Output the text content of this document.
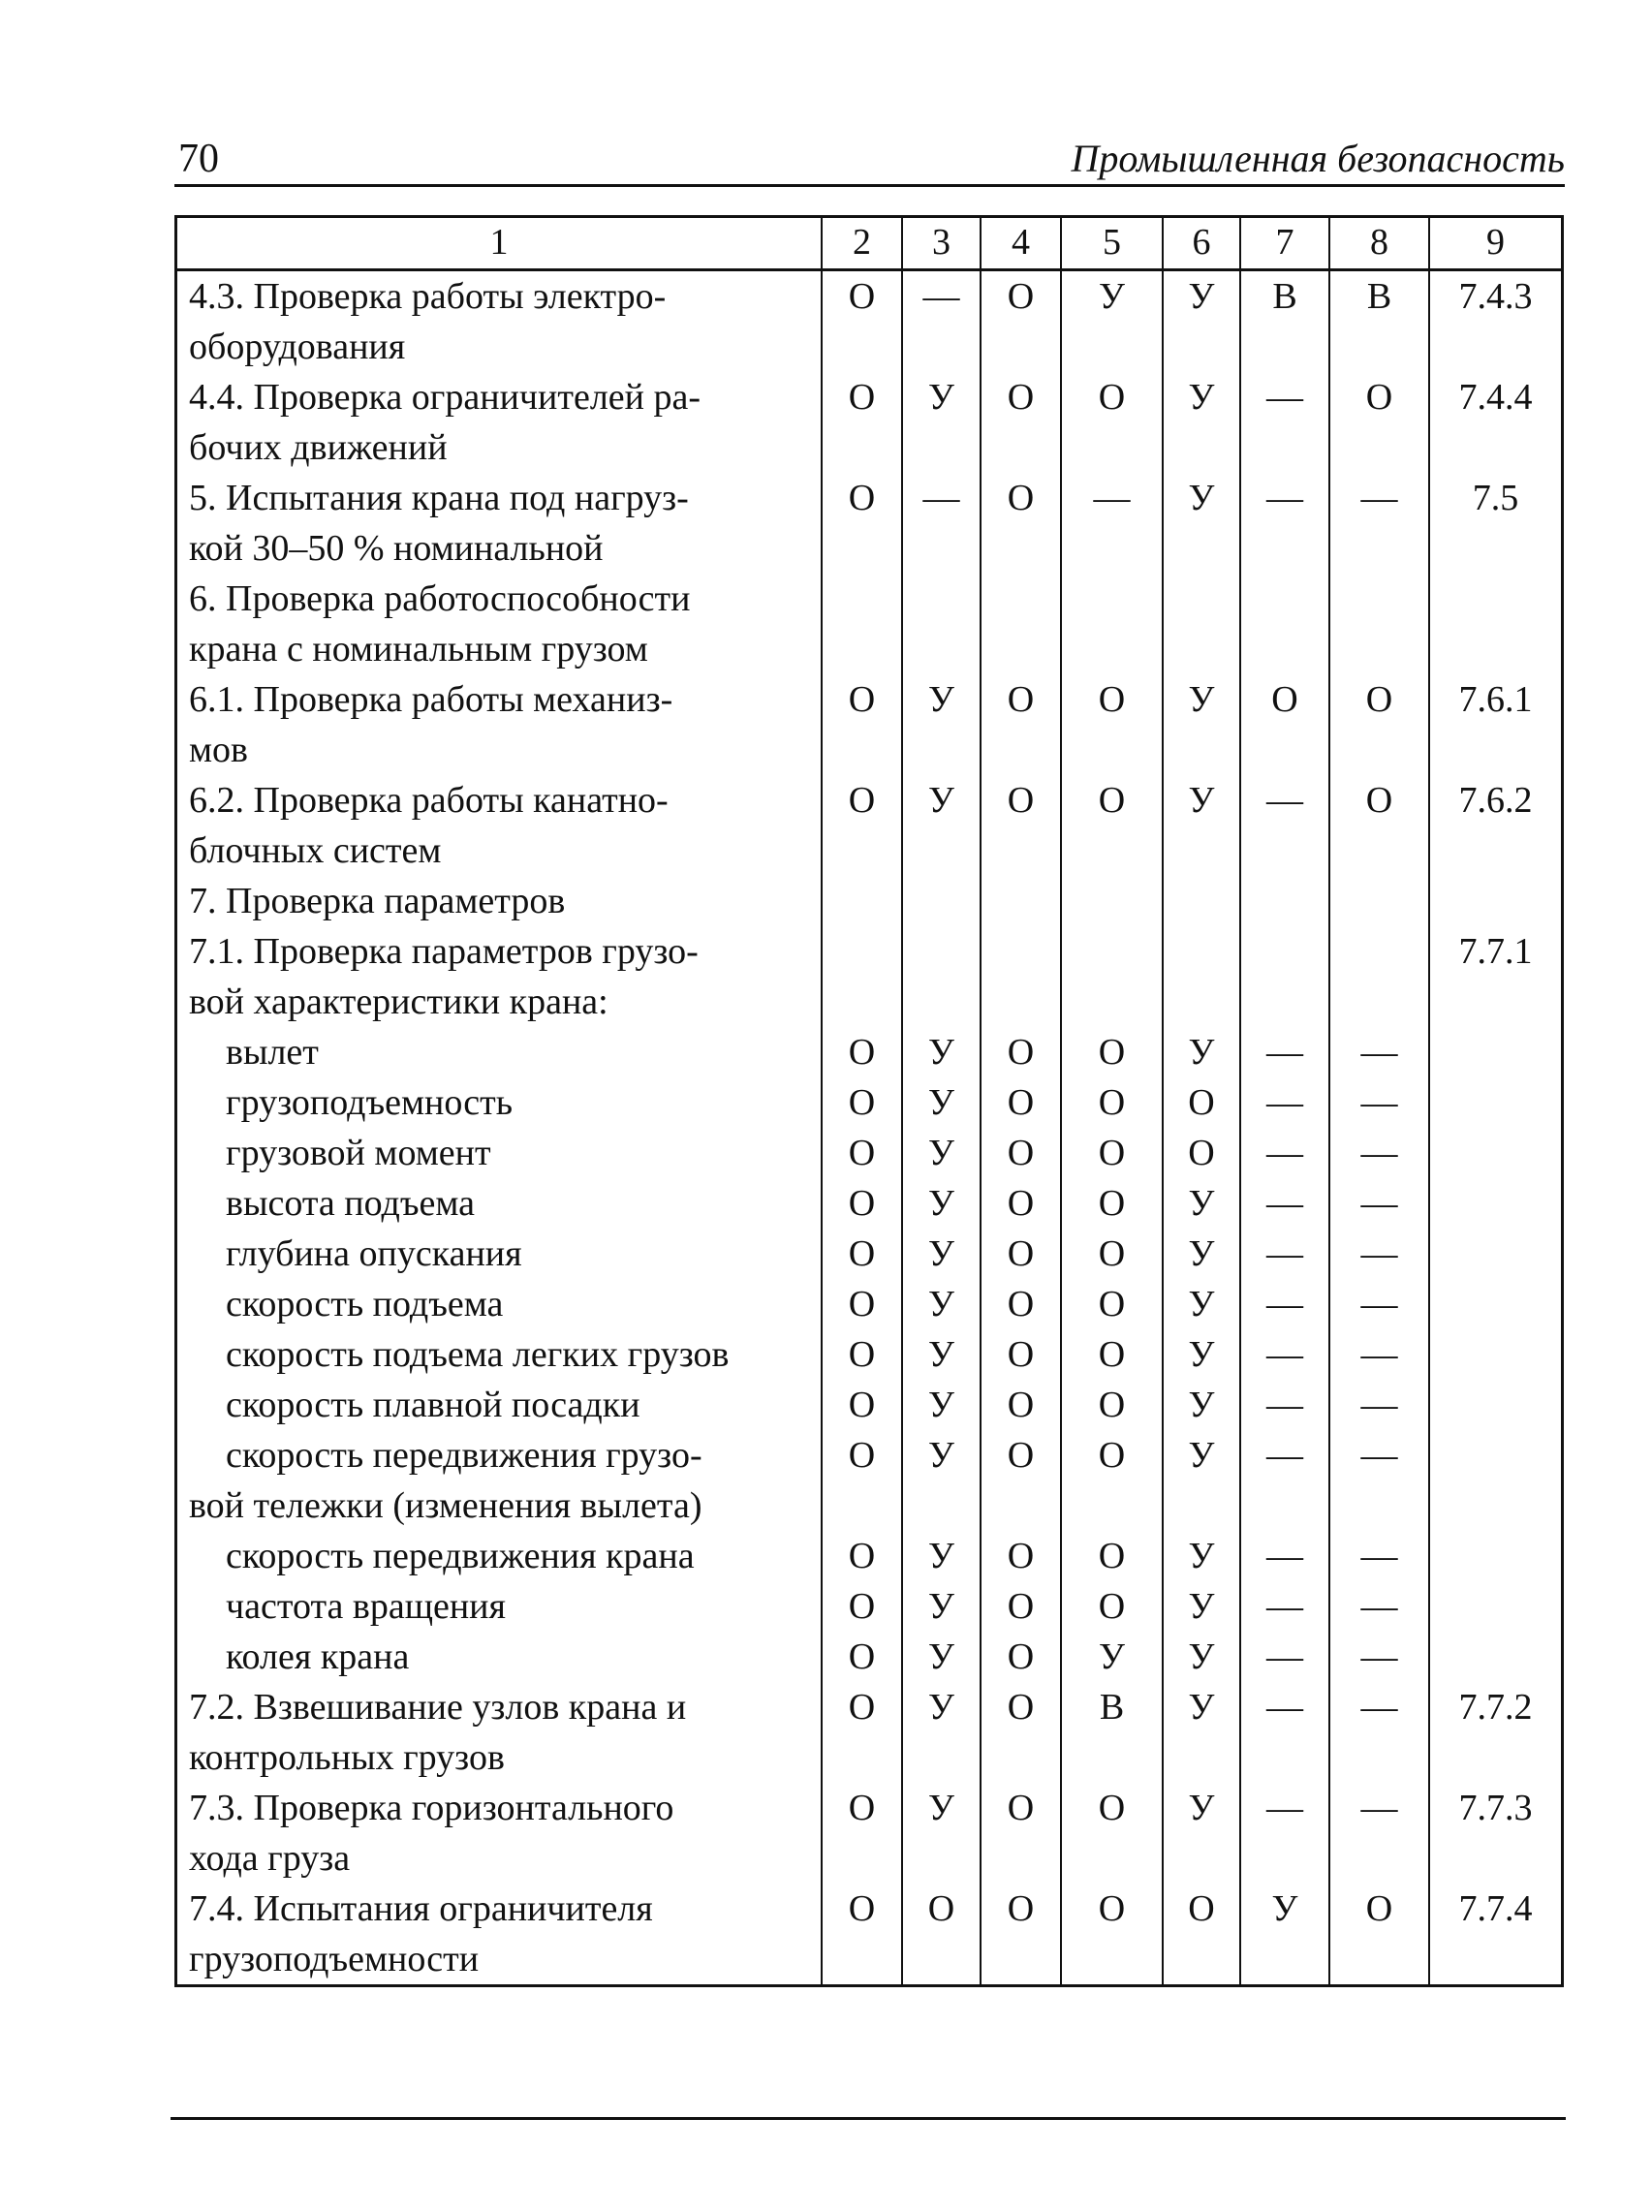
70	Промышленная безопасность
1	2	3	4	5	6	7	8	9
4.3. Проверка работы электро-	О	—	О	У	У	В	В	7.4.3
оборудования								
4.4. Проверка ограничителей ра-	О	У	О	О	У	—	О	7.4.4
бочих движений								
5. Испытания крана под нагруз-	О	—	О	—	У	—	—	7.5
кой 30–50 % номинальной								
6. Проверка работоспособности								
крана с номинальным грузом								
6.1. Проверка работы механиз-	О	У	О	О	У	О	О	7.6.1
мов								
6.2. Проверка работы канатно-	О	У	О	О	У	—	О	7.6.2
блочных систем								
7. Проверка параметров								
7.1. Проверка параметров грузо-								7.7.1
вой характеристики крана:								
вылет	О	У	О	О	У	—	—	
грузоподъемность	О	У	О	О	О	—	—	
грузовой момент	О	У	О	О	О	—	—	
высота подъема	О	У	О	О	У	—	—	
глубина опускания	О	У	О	О	У	—	—	
скорость подъема	О	У	О	О	У	—	—	
скорость подъема легких грузов	О	У	О	О	У	—	—	
скорость плавной посадки	О	У	О	О	У	—	—	
скорость передвижения грузо-	О	У	О	О	У	—	—	
вой тележки (изменения вылета)								
скорость передвижения крана	О	У	О	О	У	—	—	
частота вращения	О	У	О	О	У	—	—	
колея крана	О	У	О	У	У	—	—	
7.2. Взвешивание узлов крана и	О	У	О	В	У	—	—	7.7.2
контрольных грузов								
7.3. Проверка горизонтального	О	У	О	О	У	—	—	7.7.3
хода груза								
7.4. Испытания ограничителя	О	О	О	О	О	У	О	7.7.4
грузоподъемности								
